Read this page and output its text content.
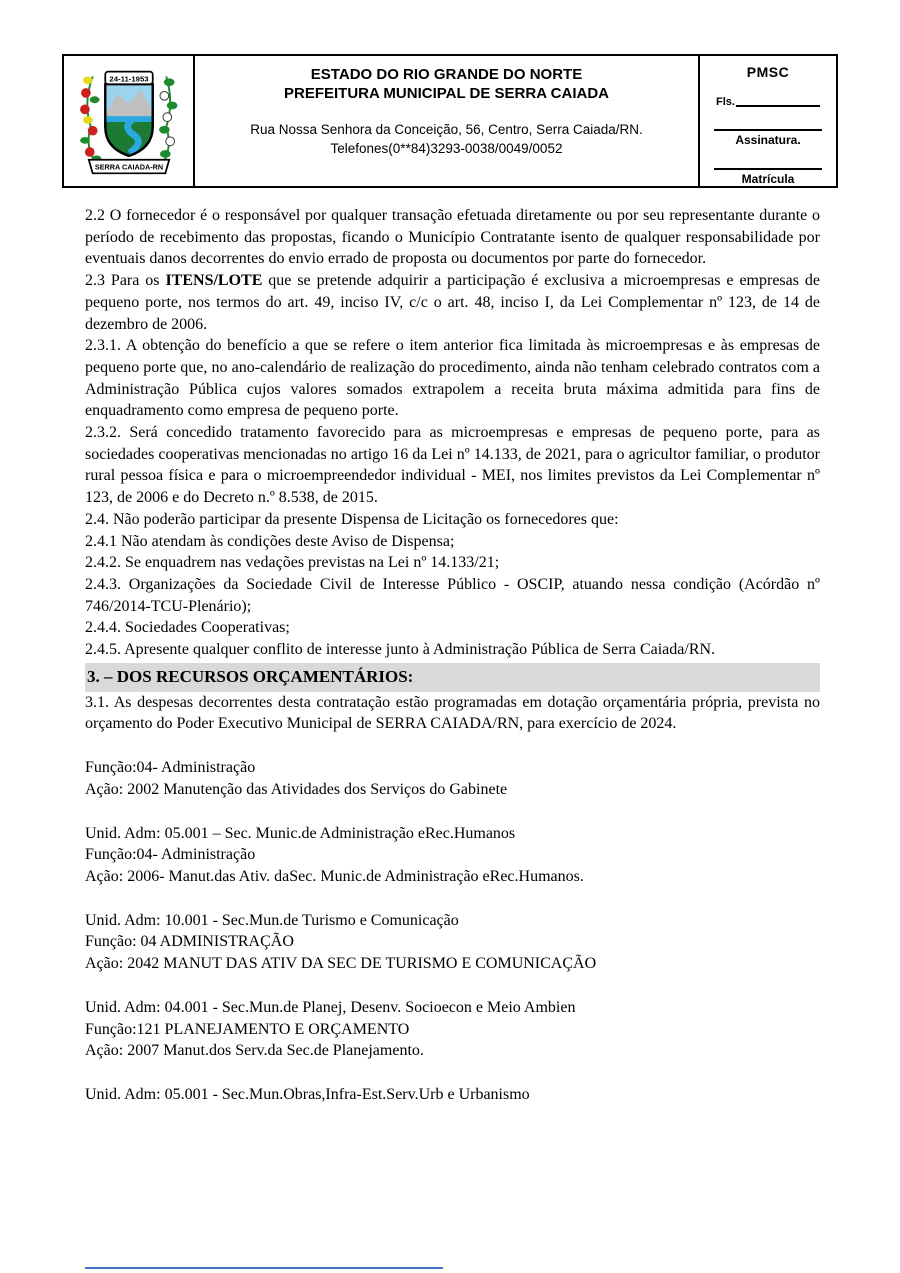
24-11-1953
SERRA CAIADA-RN
ESTADO DO RIO GRANDE DO NORTE
PREFEITURA MUNICIPAL DE SERRA CAIADA
Rua Nossa Senhora da Conceição, 56, Centro, Serra Caiada/RN.
Telefones(0**84)3293-0038/0049/0052
PMSC
Fls.
Assinatura.
Matrícula

2.2 O fornecedor é o responsável por qualquer transação efetuada diretamente ou por seu representante durante o período de recebimento das propostas, ficando o Município Contratante isento de qualquer responsabilidade por eventuais danos decorrentes do envio errado de proposta ou documentos por parte do fornecedor.

2.3 Para os ITENS/LOTE que se pretende adquirir a participação é exclusiva a microempresas e empresas de pequeno porte, nos termos do art. 49, inciso IV, c/c o art. 48, inciso I, da Lei Complementar nº 123, de 14 de dezembro de 2006.

2.3.1. A obtenção do benefício a que se refere o item anterior fica limitada às microempresas e às empresas de pequeno porte que, no ano-calendário de realização do procedimento, ainda não tenham celebrado contratos com a Administração Pública cujos valores somados extrapolem a receita bruta máxima admitida para fins de enquadramento como empresa de pequeno porte.

2.3.2. Será concedido tratamento favorecido para as microempresas e empresas de pequeno porte, para as sociedades cooperativas mencionadas no artigo 16 da Lei nº 14.133, de 2021, para o agricultor familiar, o produtor rural pessoa física e para o microempreendedor individual - MEI, nos limites previstos da Lei Complementar nº 123, de 2006 e do Decreto n.º 8.538, de 2015.

2.4. Não poderão participar da presente Dispensa de Licitação os fornecedores que:

2.4.1 Não atendam às condições deste Aviso de Dispensa;

2.4.2. Se enquadrem nas vedações previstas na Lei nº 14.133/21;

2.4.3. Organizações da Sociedade Civil de Interesse Público - OSCIP, atuando nessa condição (Acórdão nº 746/2014-TCU-Plenário);

2.4.4. Sociedades Cooperativas;

2.4.5. Apresente qualquer conflito de interesse junto à Administração Pública de Serra Caiada/RN.

3. – DOS RECURSOS ORÇAMENTÁRIOS:

3.1. As despesas decorrentes desta contratação estão programadas em dotação orçamentária própria, prevista no orçamento do Poder Executivo Municipal de SERRA CAIADA/RN, para exercício de 2024.

Função:04- Administração
Ação: 2002 Manutenção das Atividades dos Serviços do Gabinete
Unid. Adm: 05.001 – Sec. Munic.de Administração eRec.Humanos
Função:04- Administração
Ação: 2006- Manut.das Ativ. daSec. Munic.de Administração eRec.Humanos.
Unid. Adm: 10.001 - Sec.Mun.de Turismo e Comunicação
Função: 04 ADMINISTRAÇÃO
Ação: 2042 MANUT DAS ATIV DA SEC DE TURISMO E COMUNICAÇÃO
Unid. Adm: 04.001 - Sec.Mun.de Planej, Desenv. Socioecon e Meio Ambien
Função:121 PLANEJAMENTO E ORÇAMENTO
Ação: 2007 Manut.dos Serv.da Sec.de Planejamento.
Unid. Adm: 05.001 - Sec.Mun.Obras,Infra-Est.Serv.Urb e Urbanismo
